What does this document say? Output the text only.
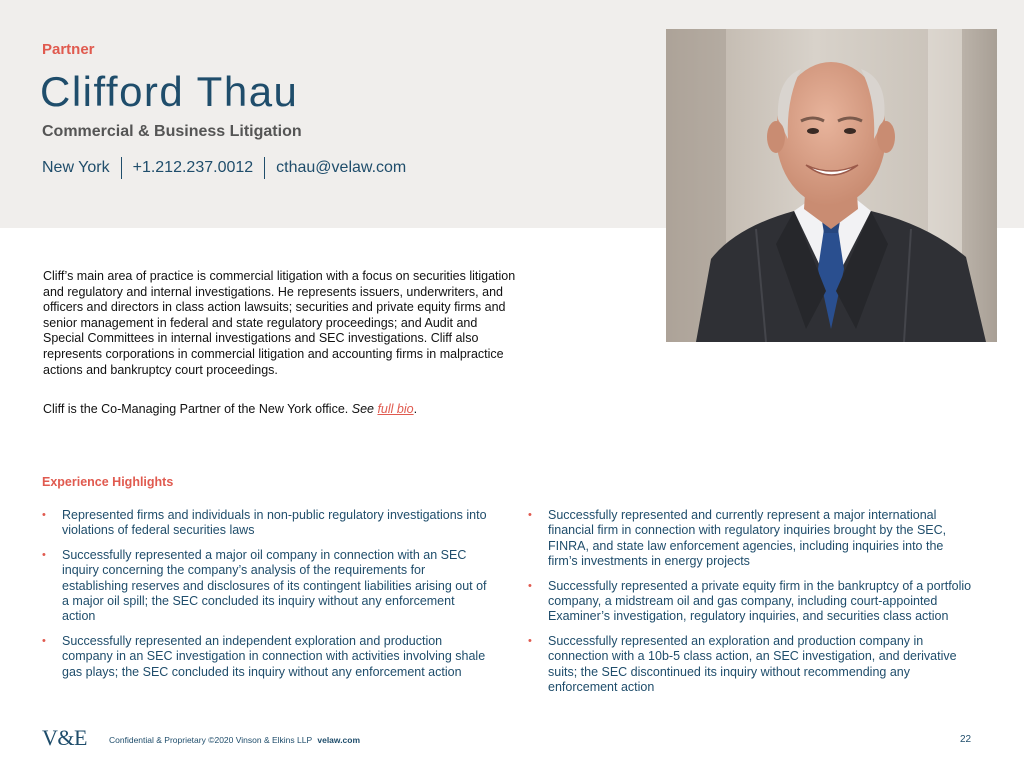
Partner
Clifford Thau
Commercial & Business Litigation
New York +1.212.237.0012 cthau@velaw.com
Cliff’s main area of practice is commercial litigation with a focus on securities litigation and regulatory and internal investigations. He represents issuers, underwriters, and officers and directors in class action lawsuits; securities and private equity firms and senior management in federal and state regulatory proceedings; and Audit and Special Committees in internal investigations and SEC investigations. Cliff also represents corporations in commercial litigation and accounting firms in malpractice actions and bankruptcy court proceedings.
Cliff is the Co-Managing Partner of the New York office. See full bio.
Experience Highlights
• Represented firms and individuals in non-public regulatory investigations into violations of federal securities laws
• Successfully represented a major oil company in connection with an SEC inquiry concerning the company’s analysis of the requirements for establishing reserves and disclosures of its contingent liabilities arising out of a major oil spill; the SEC concluded its inquiry without any enforcement action
• Successfully represented an independent exploration and production company in an SEC investigation in connection with activities involving shale gas plays; the SEC concluded its inquiry without any enforcement action
• Successfully represented and currently represent a major international financial firm in connection with regulatory inquiries brought by the SEC, FINRA, and state law enforcement agencies, including inquiries into the firm’s investments in energy projects
• Successfully represented a private equity firm in the bankruptcy of a portfolio company, a midstream oil and gas company, including court-appointed Examiner’s investigation, regulatory inquiries, and securities class action
• Successfully represented an exploration and production company in connection with a 10b-5 class action, an SEC investigation, and derivative suits; the SEC discontinued its inquiry without recommending any enforcement action
V&E	Confidential & Proprietary ©2020 Vinson & Elkins LLP velaw.com	22
